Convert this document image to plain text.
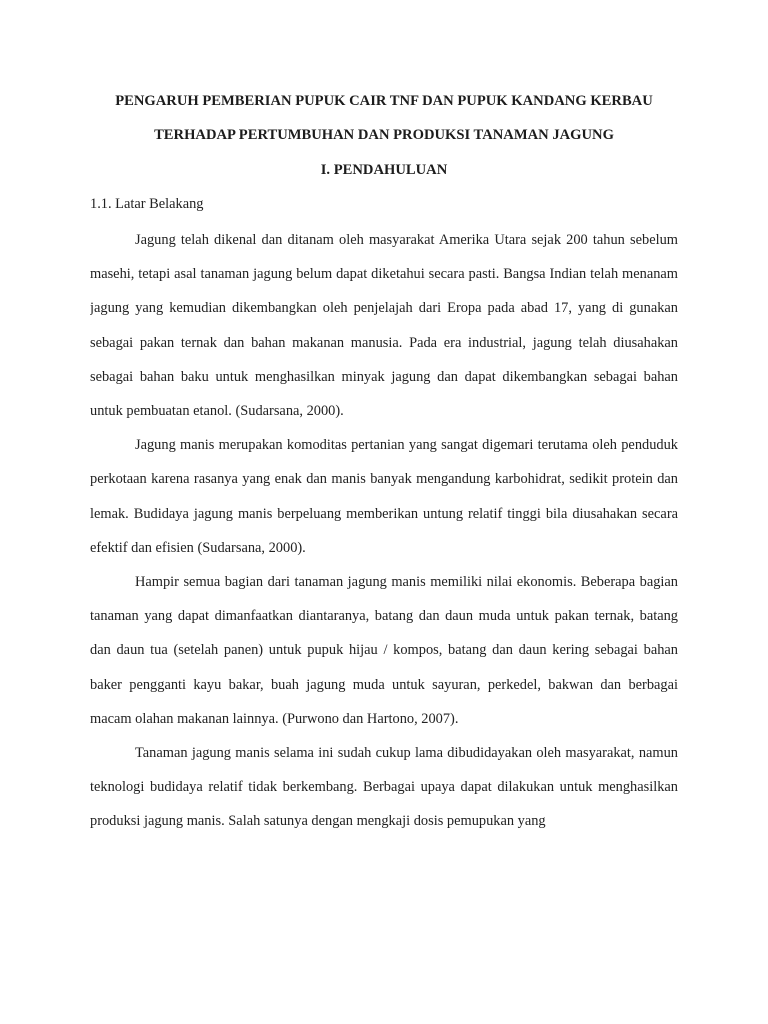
PENGARUH PEMBERIAN PUPUK CAIR TNF DAN PUPUK KANDANG KERBAU
TERHADAP PERTUMBUHAN DAN PRODUKSI TANAMAN JAGUNG
I. PENDAHULUAN
1.1. Latar Belakang

Jagung telah dikenal dan ditanam oleh masyarakat Amerika Utara sejak 200 tahun sebelum masehi, tetapi asal tanaman jagung belum dapat diketahui secara pasti. Bangsa Indian telah menanam jagung yang kemudian dikembangkan oleh penjelajah dari Eropa pada abad 17, yang di gunakan sebagai pakan ternak dan bahan makanan manusia. Pada era industrial, jagung telah diusahakan sebagai bahan baku untuk menghasilkan minyak jagung dan dapat dikembangkan sebagai bahan untuk pembuatan etanol. (Sudarsana, 2000).

Jagung manis merupakan komoditas pertanian yang sangat digemari terutama oleh penduduk perkotaan karena rasanya yang enak dan manis banyak mengandung karbohidrat, sedikit protein dan lemak. Budidaya jagung manis berpeluang memberikan untung relatif tinggi bila diusahakan secara efektif dan efisien (Sudarsana, 2000).

Hampir semua bagian dari tanaman jagung manis memiliki nilai ekonomis. Beberapa bagian tanaman yang dapat dimanfaatkan diantaranya, batang dan daun muda untuk pakan ternak, batang dan daun tua (setelah panen) untuk pupuk hijau / kompos, batang dan daun kering sebagai bahan baker pengganti kayu bakar, buah jagung muda untuk sayuran, perkedel, bakwan dan berbagai macam olahan makanan lainnya. (Purwono dan Hartono, 2007).

Tanaman jagung manis selama ini sudah cukup lama dibudidayakan oleh masyarakat, namun teknologi budidaya relatif tidak berkembang. Berbagai upaya dapat dilakukan untuk menghasilkan produksi jagung manis. Salah satunya dengan mengkaji dosis pemupukan yang
